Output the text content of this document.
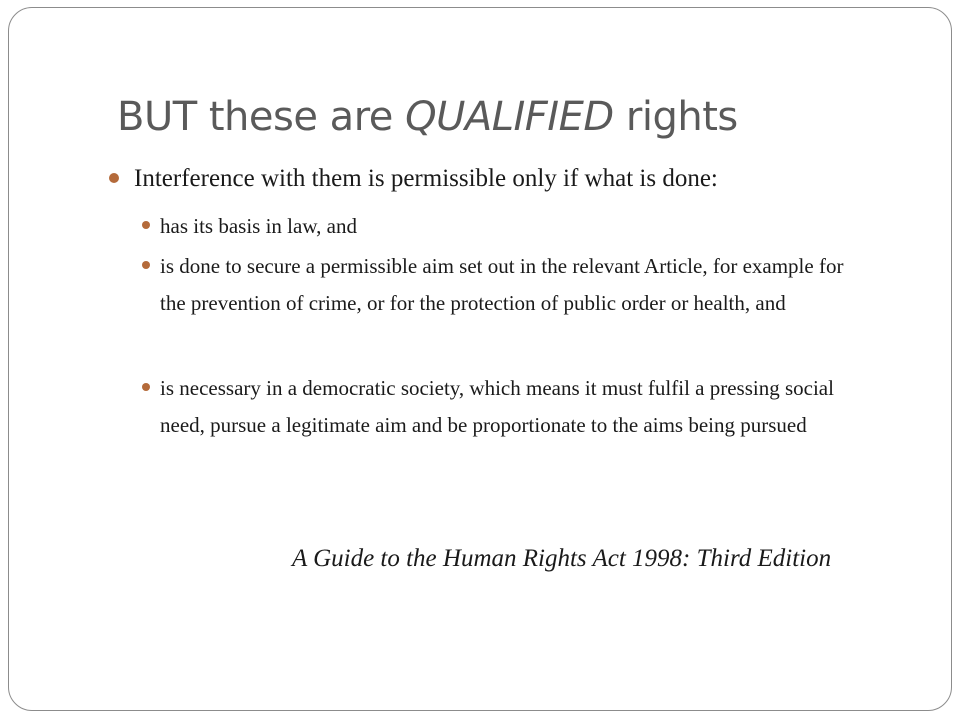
BUT these are QUALIFIED rights
Interference with them is permissible only if what is done:
has its basis in law, and
is done to secure a permissible aim set out in the relevant Article, for example for the prevention of crime, or for the protection of public order or health, and
is necessary in a democratic society, which means it must fulfil a pressing social need, pursue a legitimate aim and be proportionate to the aims being pursued

A Guide to the Human Rights Act 1998: Third Edition
